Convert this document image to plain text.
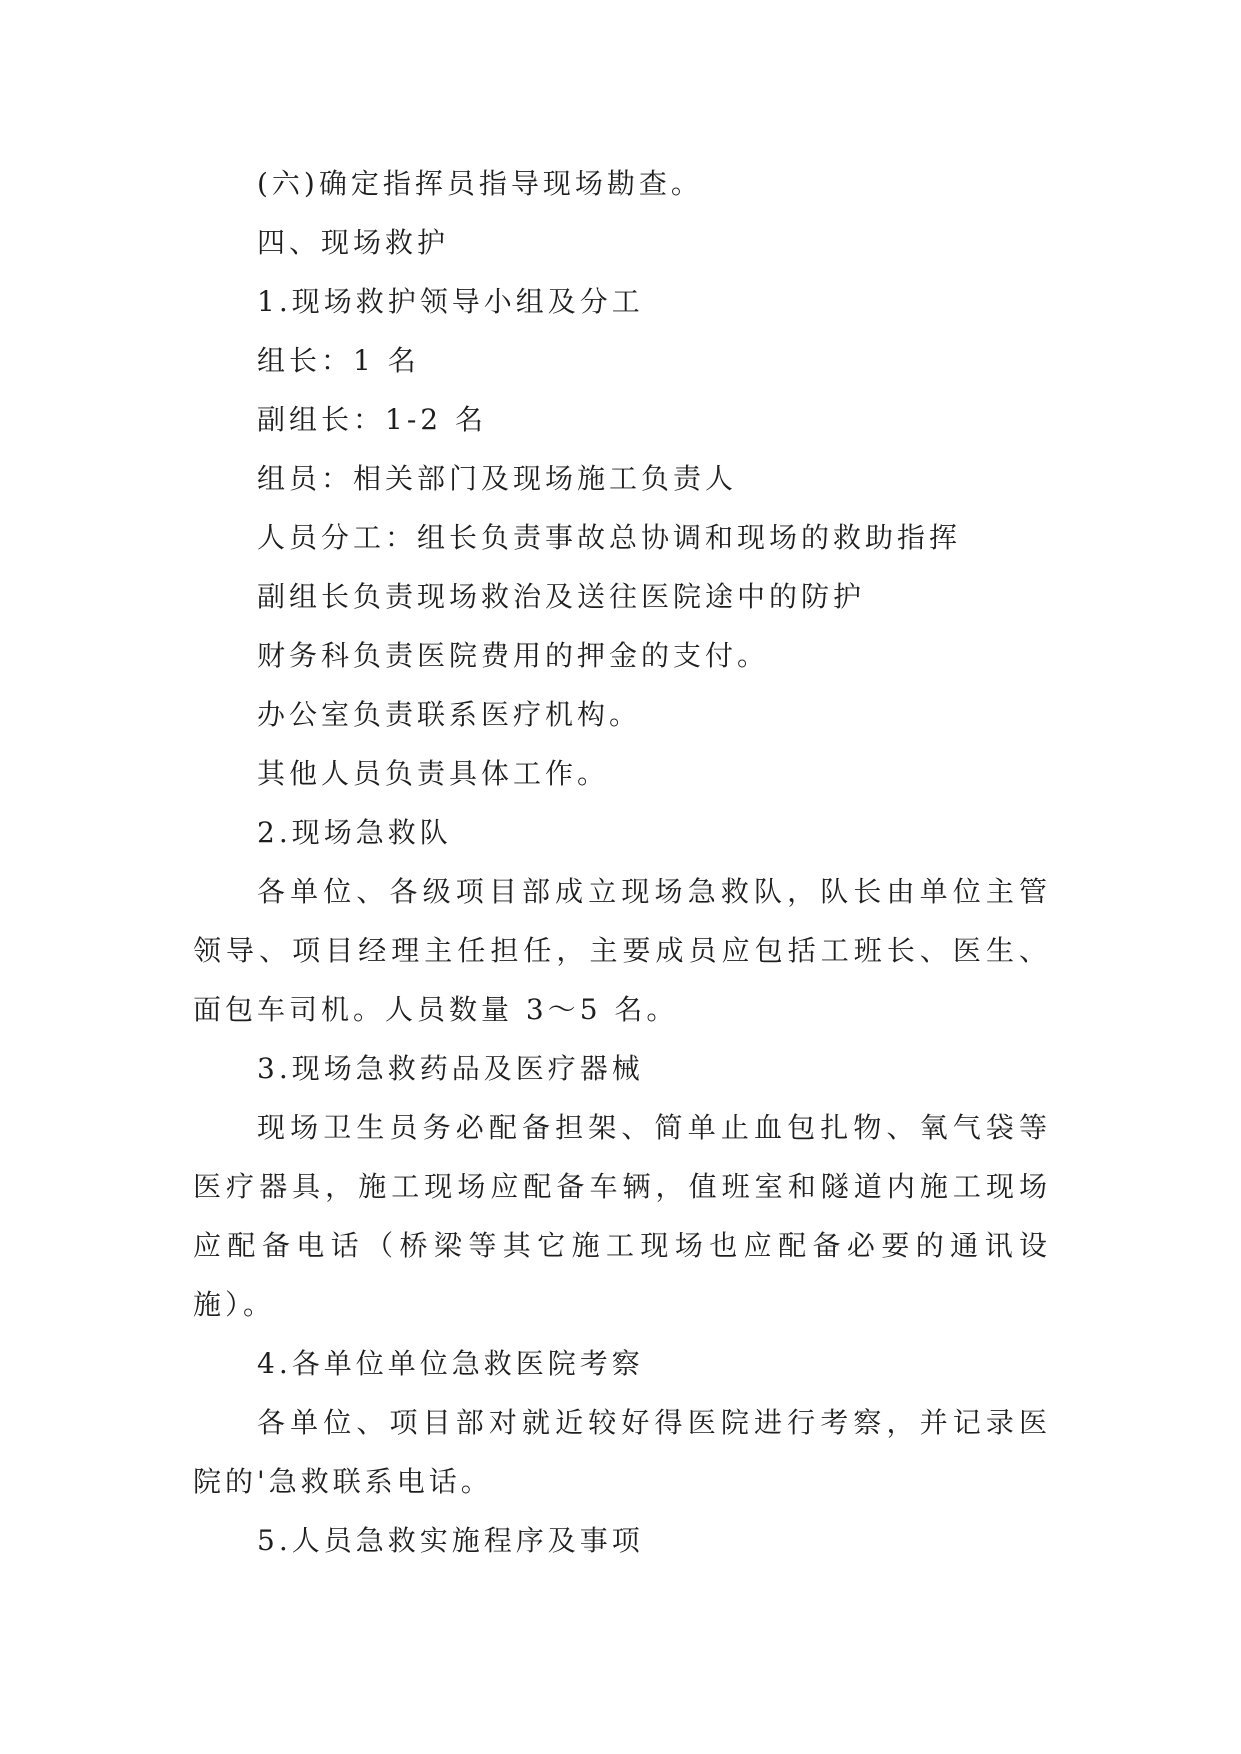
(六)确定指挥员指导现场勘查。
四、现场救护
1.现场救护领导小组及分工
组长：1 名
副组长：1-2 名
组员：相关部门及现场施工负责人
人员分工：组长负责事故总协调和现场的救助指挥
副组长负责现场救治及送往医院途中的防护
财务科负责医院费用的押金的支付。
办公室负责联系医疗机构。
其他人员负责具体工作。
2.现场急救队
各单位、各级项目部成立现场急救队，队长由单位主管
领导、项目经理主任担任，主要成员应包括工班长、医生、
面包车司机。人员数量 3～5 名。
3.现场急救药品及医疗器械
现场卫生员务必配备担架、简单止血包扎物、氧气袋等
医疗器具，施工现场应配备车辆，值班室和隧道内施工现场
应配备电话（桥梁等其它施工现场也应配备必要的通讯设
施）。
4.各单位单位急救医院考察
各单位、项目部对就近较好得医院进行考察，并记录医
院的'急救联系电话。
5.人员急救实施程序及事项
